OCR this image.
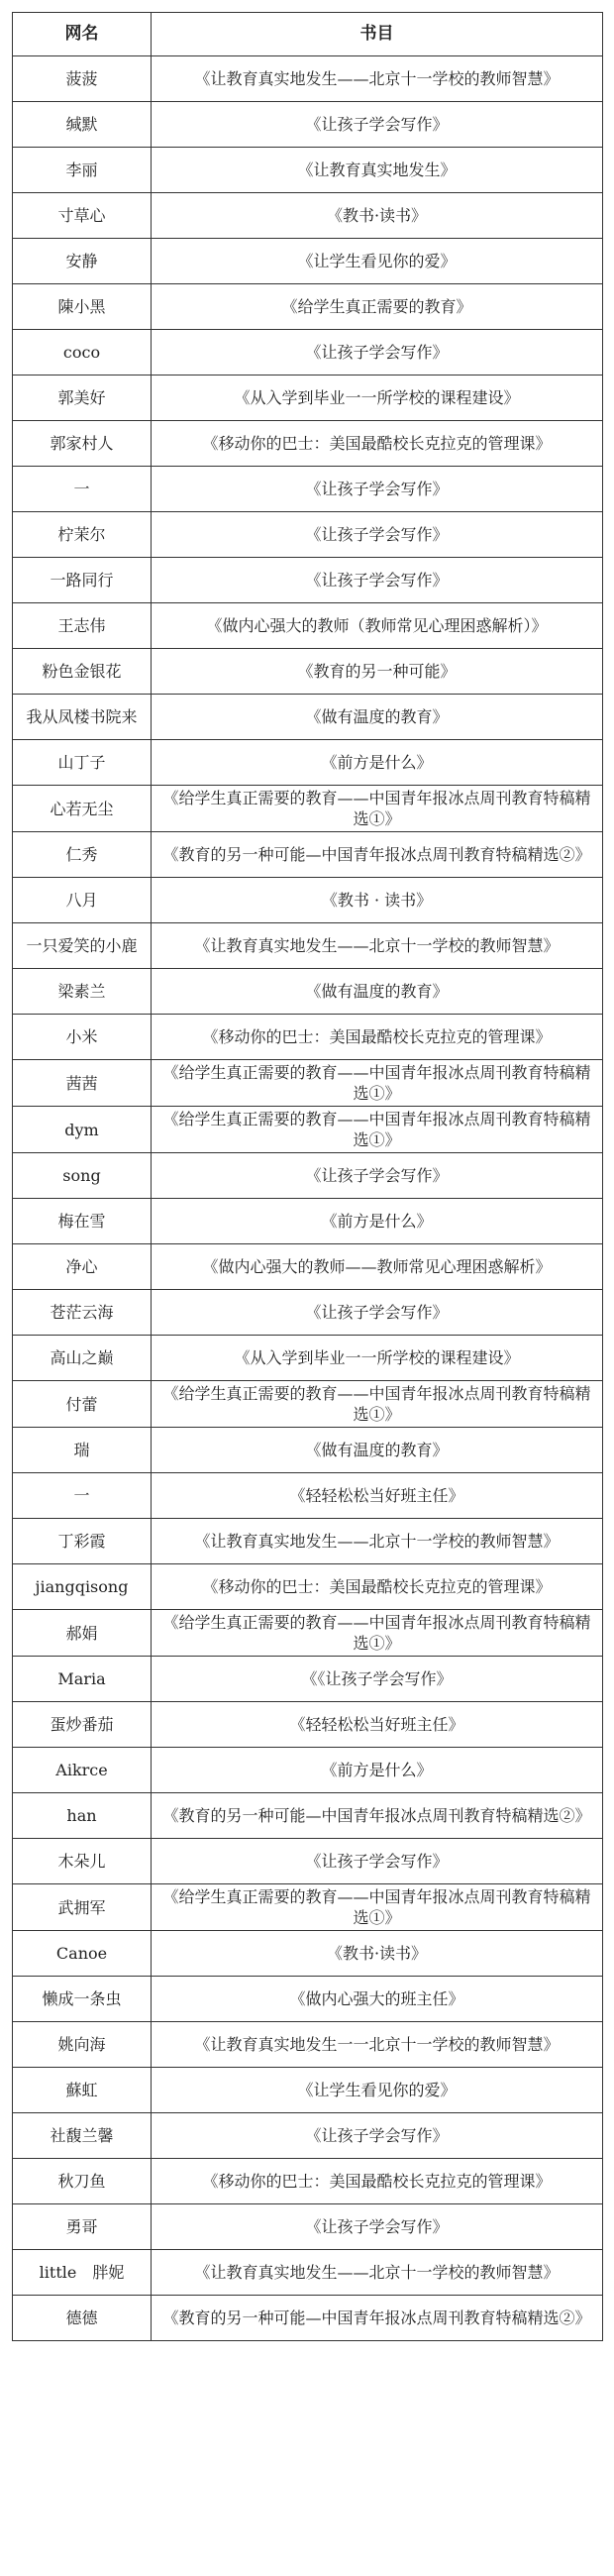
网名	书目
菠菠	《让教育真实地发生——北京十一学校的教师智慧》
缄默	《让孩子学会写作》
李丽	《让教育真实地发生》
寸草心	《教书·读书》
安静	《让学生看见你的爱》
陳小黑	《给学生真正需要的教育》
coco	《让孩子学会写作》
郭美好	《从入学到毕业一一所学校的课程建设》
郭家村人	《移动你的巴士：美国最酷校长克拉克的管理课》
一	《让孩子学会写作》
柠茉尔	《让孩子学会写作》
一路同行	《让孩子学会写作》
王志伟	《做内心强大的教师（教师常见心理困惑解析）》
粉色金银花	《教育的另一种可能》
我从凤楼书院来	《做有温度的教育》
山丁子	《前方是什么》
心若无尘	《给学生真正需要的教育——中国青年报冰点周刊教育特稿精选①》
仁秀	《教育的另一种可能—中国青年报冰点周刊教育特稿精选②》
八月	《教书 · 读书》
一只爱笑的小鹿	《让教育真实地发生——北京十一学校的教师智慧》
梁素兰	《做有温度的教育》
小米	《移动你的巴士：美国最酷校长克拉克的管理课》
茜茜	《给学生真正需要的教育——中国青年报冰点周刊教育特稿精选①》
dym	《给学生真正需要的教育——中国青年报冰点周刊教育特稿精选①》
song	《让孩子学会写作》
梅在雪	《前方是什么》
净心	《做内心强大的教师——教师常见心理困惑解析》
苍茫云海	《让孩子学会写作》
高山之巅	《从入学到毕业一一所学校的课程建设》
付蕾	《给学生真正需要的教育——中国青年报冰点周刊教育特稿精选①》
瑞	《做有温度的教育》
一	《轻轻松松当好班主任》
丁彩霞	《让教育真实地发生——北京十一学校的教师智慧》
jiangqisong	《移动你的巴士：美国最酷校长克拉克的管理课》
郝娟	《给学生真正需要的教育——中国青年报冰点周刊教育特稿精选①》
Maria	《《让孩子学会写作》
蛋炒番茄	《轻轻松松当好班主任》
Aikrce	《前方是什么》
han	《教育的另一种可能—中国青年报冰点周刊教育特稿精选②》
木朵儿	《让孩子学会写作》
武拥军	《给学生真正需要的教育——中国青年报冰点周刊教育特稿精选①》
Canoe	《教书·读书》
懒成一条虫	《做内心强大的班主任》
姚向海	《让教育真实地发生一一北京十一学校的教师智慧》
蘇虹	《让学生看见你的爱》
社馥兰馨	《让孩子学会写作》
秋刀鱼	《移动你的巴士：美国最酷校长克拉克的管理课》
勇哥	《让孩子学会写作》
little　胖妮	《让教育真实地发生——北京十一学校的教师智慧》
德德	《教育的另一种可能—中国青年报冰点周刊教育特稿精选②》
